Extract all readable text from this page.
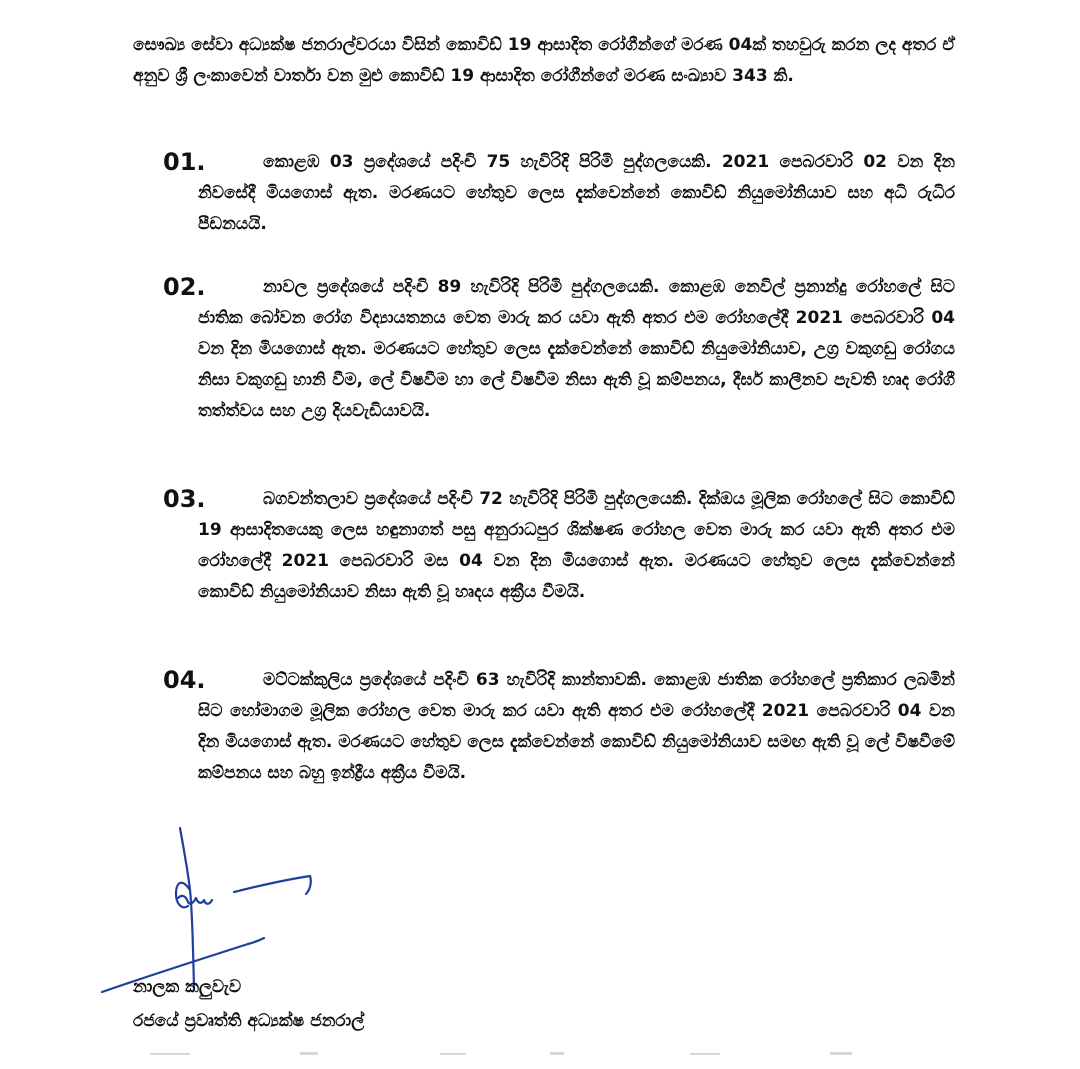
සෞඛ්‍ය සේවා අධ්‍යක්ෂ ජනරාල්වරයා විසින් කොවිඩ් 19 ආසාදිත රෝගීන්ගේ මරණ 04ක් තහවුරු කරන ලද අතර ඒ අනුව ශ්‍රී ලංකාවෙන් වාර්තා වන මුළු කොවිඩ් 19 ආසාදිත රෝගීන්ගේ මරණ සංඛ්‍යාව 343 කි.

01.	කොළඹ 03 ප්‍රදේශයේ පදිංචි 75 හැවිරිදි පිරිමි පුද්ගලයෙකි. 2021 පෙබරවාරි 02 වන දින නිවසේදී මියගොස් ඇත. මරණයට හේතුව ලෙස දැක්වෙන්නේ කොවිඩ් නියුමෝනියාව සහ අධි රුධිර පීඩනයයි.

02.	නාවල ප්‍රදේශයේ පදිංචි 89 හැවිරිදි පිරිමි පුද්ගලයෙකි. කොළඹ නෙවිල් ප්‍රනාන්දු රෝහලේ සිට ජාතික බෝවන රෝග විද්‍යායතනය වෙත මාරු කර යවා ඇති අතර එම රෝහලේදී 2021 පෙබරවාරි 04 වන දින මියගොස් ඇත. මරණයට හේතුව ලෙස දැක්වෙන්නේ කොවිඩ් නියුමෝනියාව, උග්‍ර වකුගඩු රෝගය නිසා වකුගඩු හානි වීම, ලේ විෂවීම හා ලේ විෂවීම නිසා ඇති වූ කම්පනය, දීර්ඝ කාලීනව පැවති හෘද රෝගී තත්ත්වය සහ උග්‍ර දියවැඩියාවයි.

03.	බගවන්තලාව ප්‍රදේශයේ පදිංචි 72 හැවිරිදි පිරිමි පුද්ගලයෙකි. දික්ඔය මූලික රෝහලේ සිට කොවිඩ් 19 ආසාදිතයෙකු ලෙස හඳුනාගත් පසු අනුරාධපුර ශික්ෂණ රෝහල වෙත මාරු කර යවා ඇති අතර එම රෝහලේදී 2021 පෙබරවාරි මස 04 වන දින මියගොස් ඇත. මරණයට හේතුව ලෙස දැක්වෙන්නේ කොවිඩ් නියුමෝනියාව නිසා ඇති වූ හෘදය අක්‍රීය වීමයි.

04.	මට්ටක්කුලිය ප්‍රදේශයේ පදිංචි 63 හැවිරිදි කාන්තාවකි. කොළඹ ජාතික රෝහලේ ප්‍රතිකාර ලබමින් සිට හෝමාගම මූලික රෝහල වෙත මාරු කර යවා ඇති අතර එම රෝහලේදී 2021 පෙබරවාරි 04 වන දින මියගොස් ඇත. මරණයට හේතුව ලෙස දැක්වෙන්නේ කොවිඩ් නියුමෝනියාව සමඟ ඇති වූ ලේ විෂවීමේ කම්පනය සහ බහු ඉන්ද්‍රීය අක්‍රීය වීමයි.

නාලක කලුවැව
රජයේ ප්‍රවෘත්ති අධ්‍යක්ෂ ජනරාල්
